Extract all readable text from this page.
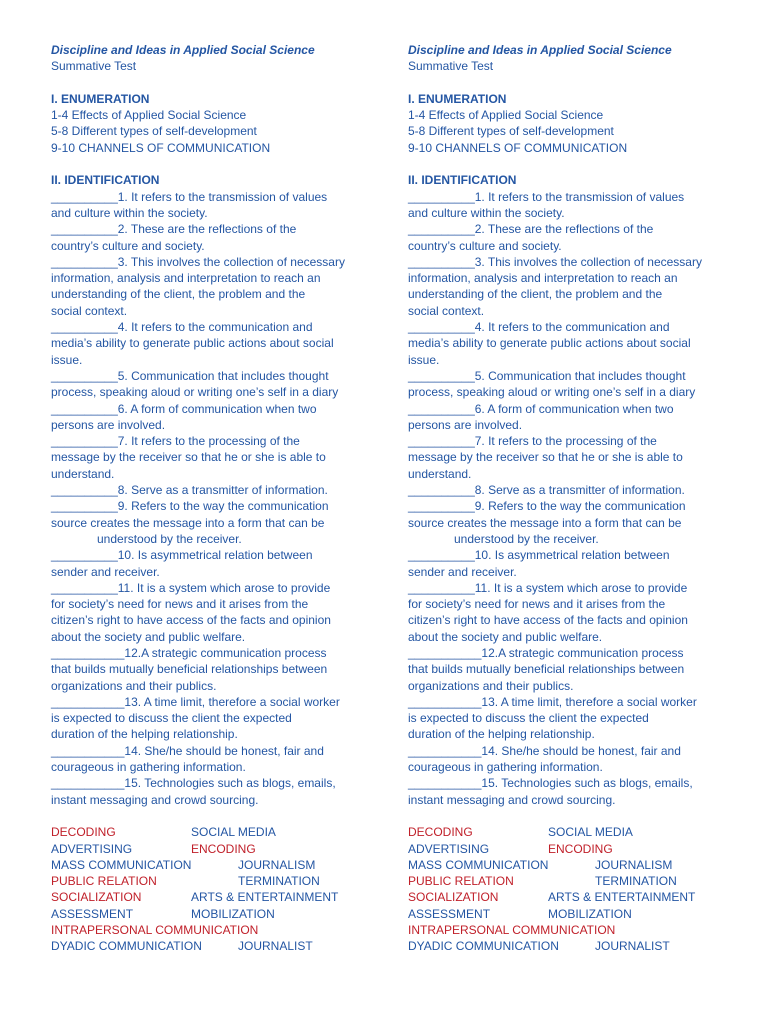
Discipline and Ideas in Applied Social Science
Summative Test
I. ENUMERATION
1-4 Effects of Applied Social Science
5-8 Different types of self-development
9-10 CHANNELS OF COMMUNICATION
II. IDENTIFICATION
__________1. It refers to the transmission of values
and culture within the society.
__________2. These are the reflections of the
country’s culture and society.
__________3. This involves the collection of necessary
information, analysis and interpretation to reach an
understanding of the client, the problem and the
social context.
__________4. It refers to the communication and
media’s ability to generate public actions about social
issue.
__________5. Communication that includes thought
process, speaking aloud or writing one’s self in a diary
__________6. A form of communication when two
persons are involved.
__________7. It refers to the processing of the
message by the receiver so that he or she is able to
understand.
__________8. Serve as a transmitter of information.
__________9. Refers to the way the communication
source creates the message into a form that can be
understood by the receiver.
__________10. Is asymmetrical relation between
sender and receiver.
__________11. It is a system which arose to provide
for society’s need for news and it arises from the
citizen’s right to have access of the facts and opinion
about the society and public welfare.
___________12.A strategic communication process
that builds mutually beneficial relationships between
organizations and their publics.
___________13. A time limit, therefore a social worker
is expected to discuss the client the expected
duration of the helping relationship.
___________14. She/he should be honest, fair and
courageous in gathering information.
___________15. Technologies such as blogs, emails,
instant messaging and crowd sourcing.
DECODING	SOCIAL MEDIA
ADVERTISING	ENCODING
MASS COMMUNICATION	JOURNALISM
PUBLIC RELATION	TERMINATION
SOCIALIZATION	ARTS & ENTERTAINMENT
ASSESSMENT	MOBILIZATION
INTRAPERSONAL COMMUNICATION
DYADIC COMMUNICATION	JOURNALIST
Discipline and Ideas in Applied Social Science
Summative Test
I. ENUMERATION
1-4 Effects of Applied Social Science
5-8 Different types of self-development
9-10 CHANNELS OF COMMUNICATION
II. IDENTIFICATION
__________1. It refers to the transmission of values
and culture within the society.
__________2. These are the reflections of the
country’s culture and society.
__________3. This involves the collection of necessary
information, analysis and interpretation to reach an
understanding of the client, the problem and the
social context.
__________4. It refers to the communication and
media’s ability to generate public actions about social
issue.
__________5. Communication that includes thought
process, speaking aloud or writing one’s self in a diary
__________6. A form of communication when two
persons are involved.
__________7. It refers to the processing of the
message by the receiver so that he or she is able to
understand.
__________8. Serve as a transmitter of information.
__________9. Refers to the way the communication
source creates the message into a form that can be
understood by the receiver.
__________10. Is asymmetrical relation between
sender and receiver.
__________11. It is a system which arose to provide
for society’s need for news and it arises from the
citizen’s right to have access of the facts and opinion
about the society and public welfare.
___________12.A strategic communication process
that builds mutually beneficial relationships between
organizations and their publics.
___________13. A time limit, therefore a social worker
is expected to discuss the client the expected
duration of the helping relationship.
___________14. She/he should be honest, fair and
courageous in gathering information.
___________15. Technologies such as blogs, emails,
instant messaging and crowd sourcing.
DECODING	SOCIAL MEDIA
ADVERTISING	ENCODING
MASS COMMUNICATION	JOURNALISM
PUBLIC RELATION	TERMINATION
SOCIALIZATION	ARTS & ENTERTAINMENT
ASSESSMENT	MOBILIZATION
INTRAPERSONAL COMMUNICATION
DYADIC COMMUNICATION	JOURNALIST
